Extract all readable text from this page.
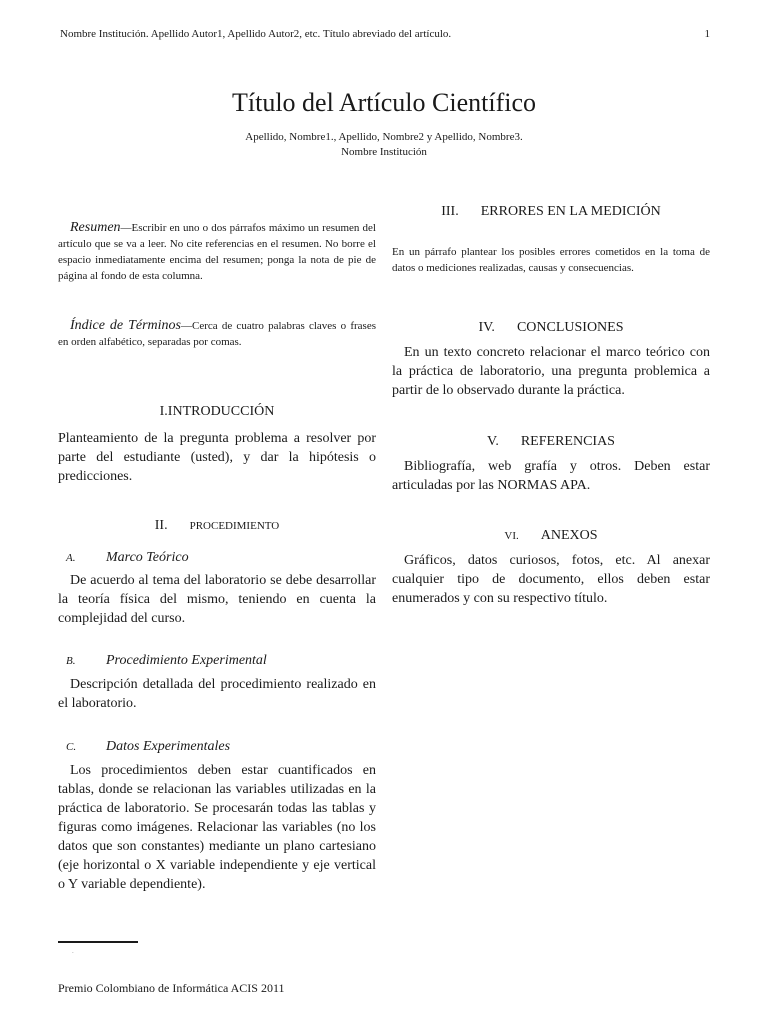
Nombre Institución. Apellido Autor1, Apellido Autor2, etc. Título abreviado del artículo.	1
Título del Artículo Científico
Apellido, Nombre1., Apellido, Nombre2 y Apellido, Nombre3.
Nombre Institución
Resumen—Escribir en uno o dos párrafos máximo un resumen del artículo que se va a leer. No cite referencias en el resumen. No borre el espacio inmediatamente encima del resumen; ponga la nota de pie de página al fondo de esta columna.
Índice de Términos—Cerca de cuatro palabras claves o frases en orden alfabético, separadas por comas.
I.INTRODUCCIÓN
Planteamiento de la pregunta problema a resolver por parte del estudiante (usted), y dar la hipótesis o predicciones.
II. PROCEDIMIENTO
A. Marco Teórico
De acuerdo al tema del laboratorio se debe desarrollar la teoría física del mismo, teniendo en cuenta la complejidad del curso.
B. Procedimiento Experimental
Descripción detallada del procedimiento realizado en el laboratorio.
C. Datos Experimentales
Los procedimientos deben estar cuantificados en tablas, donde se relacionan las variables utilizadas en la práctica de laboratorio. Se procesarán todas las tablas y figuras como imágenes. Relacionar las variables (no los datos que son constantes) mediante un plano cartesiano (eje horizontal o X variable independiente y eje vertical o Y variable dependiente).
.
Premio Colombiano de Informática ACIS 2011
III. ERRORES EN LA MEDICIÓN
En un párrafo plantear los posibles errores cometidos en la toma de datos o mediciones realizadas, causas y consecuencias.
IV. CONCLUSIONES
En un texto concreto relacionar el marco teórico con la práctica de laboratorio, una pregunta problemica a partir de lo observado durante la práctica.
V. REFERENCIAS
Bibliografía, web grafía y otros. Deben estar articuladas por las NORMAS APA.
VI. ANEXOS
Gráficos, datos curiosos, fotos, etc. Al anexar cualquier tipo de documento, ellos deben estar enumerados y con su respectivo título.
